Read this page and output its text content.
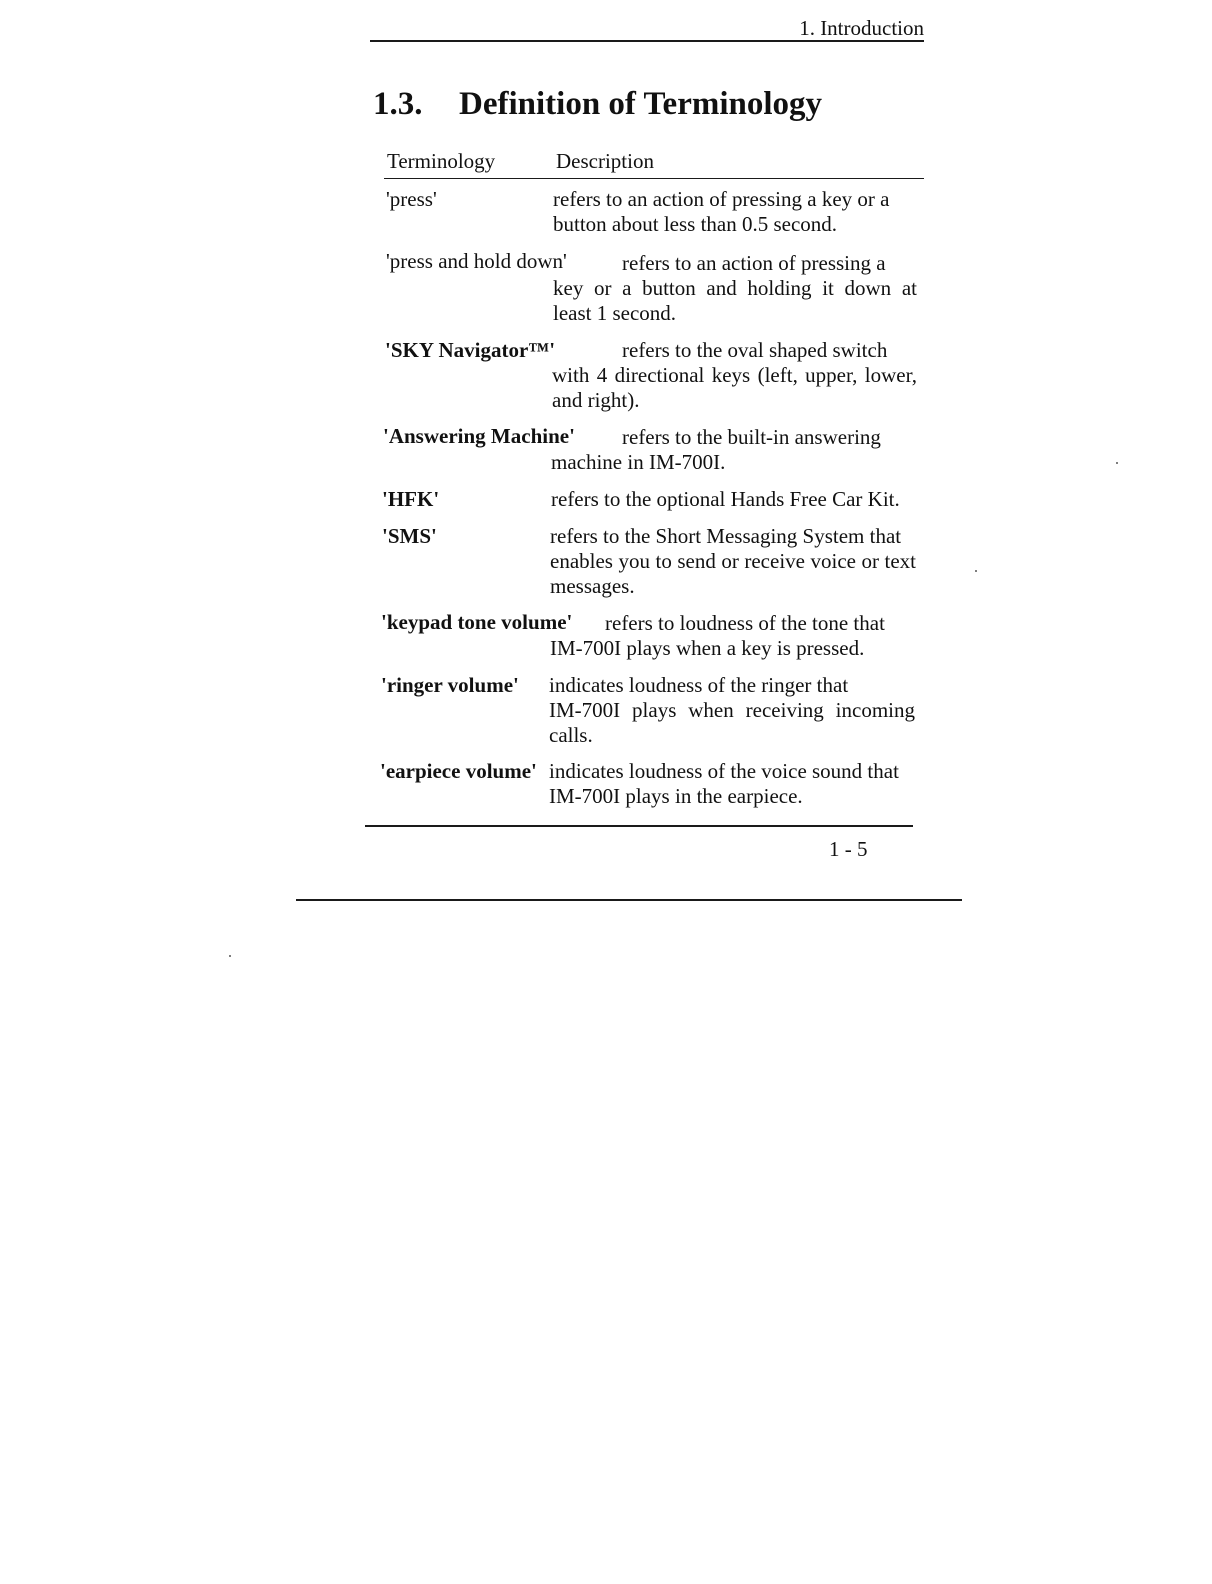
1. Introduction
1.3. Definition of Terminology
Terminology	Description
'press'	refers to an action of pressing a key or a
button about less than 0.5 second.
'press and hold down'	refers to an action of pressing a
key or a button and holding it down at least 1 second.
'SKY Navigator™'	refers to the oval shaped switch
with 4 directional keys (left, upper, lower, and right).
'Answering Machine' refers to the built-in answering
machine in IM-700I.
'HFK'	refers to the optional Hands Free Car Kit.
'SMS'	refers to the Short Messaging System that
enables you to send or receive voice or text messages.
'keypad tone volume' refers to loudness of the tone that
IM-700I plays when a key is pressed.
'ringer volume' indicates loudness of the ringer that
IM-700I plays when receiving incoming calls.
'earpiece volume' indicates loudness of the voice sound that
IM-700I plays in the earpiece.
1 - 5
